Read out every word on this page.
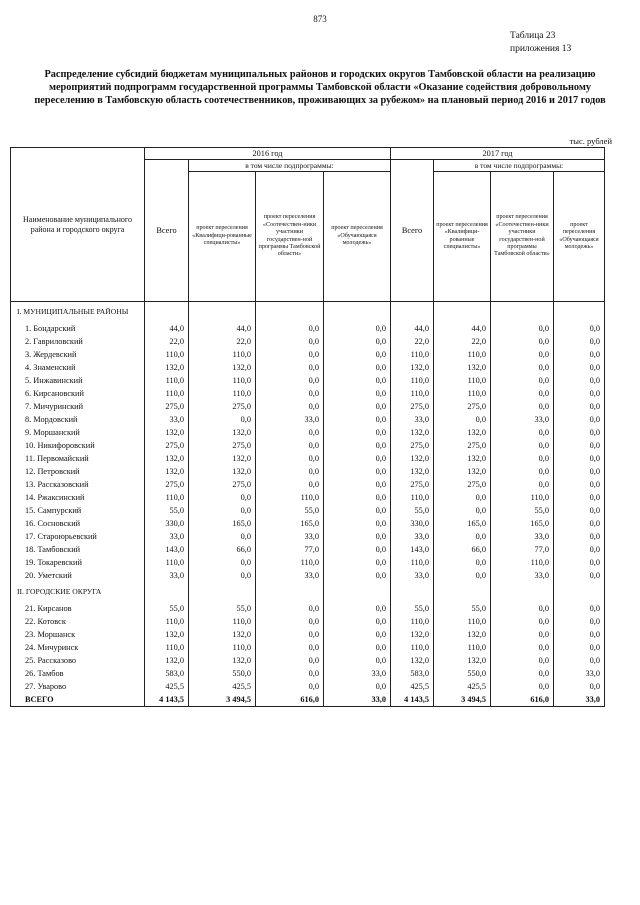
873
Таблица 23
приложения 13
Распределение субсидий бюджетам муниципальных районов и городских округов Тамбовской области на реализацию
мероприятий подпрограмм государственной программы Тамбовской области «Оказание содействия добровольному
переселению в Тамбовскую область соотечественников, проживающих за рубежом» на плановый период 2016 и 2017 годов
тыс. рублей
Наименование муниципального района и городского округа	2016 год				2017 год			
	Всего	в том числе подпрограммы:			Всего	в том числе подпрограммы:		
		проект переселения «Квалифици-рованные специалисты»	проект переселения «Соотечествен-ники участники государствен-ной программы Тамбовской области»	проект переселения «Обучающаяся молодежь»		проект переселения «Квалифици-рованные специалисты»	проект переселения «Соотечествен-ники участники государствен-ной программы Тамбовской области»	проект переселения «Обучающаяся молодежь»
I. МУНИЦИПАЛЬНЫЕ РАЙОНЫ								
1. Бондарский	44,0	44,0	0,0	0,0	44,0	44,0	0,0	0,0
2. Гавриловский	22,0	22,0	0,0	0,0	22,0	22,0	0,0	0,0
3. Жердевский	110,0	110,0	0,0	0,0	110,0	110,0	0,0	0,0
4. Знаменский	132,0	132,0	0,0	0,0	132,0	132,0	0,0	0,0
5. Инжавинский	110,0	110,0	0,0	0,0	110,0	110,0	0,0	0,0
6. Кирсановский	110,0	110,0	0,0	0,0	110,0	110,0	0,0	0,0
7. Мичуринский	275,0	275,0	0,0	0,0	275,0	275,0	0,0	0,0
8. Мордовский	33,0	0,0	33,0	0,0	33,0	0,0	33,0	0,0
9. Моршанский	132,0	132,0	0,0	0,0	132,0	132,0	0,0	0,0
10. Никифоровский	275,0	275,0	0,0	0,0	275,0	275,0	0,0	0,0
11. Первомайский	132,0	132,0	0,0	0,0	132,0	132,0	0,0	0,0
12. Петровский	132,0	132,0	0,0	0,0	132,0	132,0	0,0	0,0
13. Рассказовский	275,0	275,0	0,0	0,0	275,0	275,0	0,0	0,0
14. Ржаксинский	110,0	0,0	110,0	0,0	110,0	0,0	110,0	0,0
15. Сампурский	55,0	0,0	55,0	0,0	55,0	0,0	55,0	0,0
16. Сосновский	330,0	165,0	165,0	0,0	330,0	165,0	165,0	0,0
17. Староюрьевский	33,0	0,0	33,0	0,0	33,0	0,0	33,0	0,0
18. Тамбовский	143,0	66,0	77,0	0,0	143,0	66,0	77,0	0,0
19. Токаревский	110,0	0,0	110,0	0,0	110,0	0,0	110,0	0,0
20. Уметский	33,0	0,0	33,0	0,0	33,0	0,0	33,0	0,0
II. ГОРОДСКИЕ ОКРУГА								
21. Кирсанов	55,0	55,0	0,0	0,0	55,0	55,0	0,0	0,0
22. Котовск	110,0	110,0	0,0	0,0	110,0	110,0	0,0	0,0
23. Моршанск	132,0	132,0	0,0	0,0	132,0	132,0	0,0	0,0
24. Мичуринск	110,0	110,0	0,0	0,0	110,0	110,0	0,0	0,0
25. Рассказово	132,0	132,0	0,0	0,0	132,0	132,0	0,0	0,0
26. Тамбов	583,0	550,0	0,0	33,0	583,0	550,0	0,0	33,0
27. Уварово	425,5	425,5	0,0	0,0	425,5	425,5	0,0	0,0
ВСЕГО	4 143,5	3 494,5	616,0	33,0	4 143,5	3 494,5	616,0	33,0
